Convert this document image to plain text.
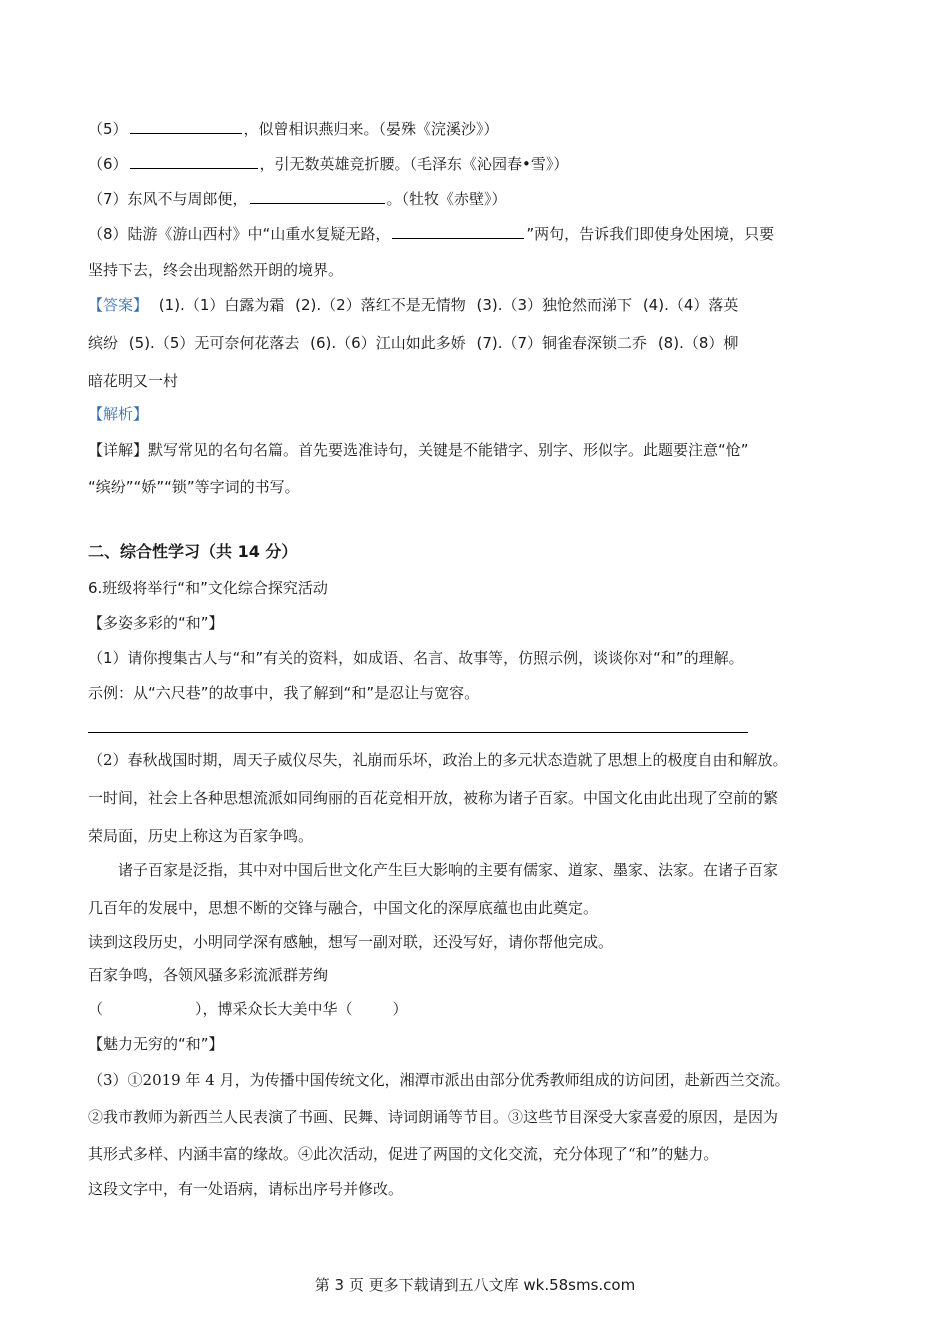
（5）	，似曾相识燕归来。（晏殊《浣溪沙》）
（6）	，引无数英雄竞折腰。（毛泽东《沁园春•雪》）
（7）东风不与周郎便，	。（牡牧《赤壁》）
（8）陆游《游山西村》中“山重水复疑无路，	”两句，告诉我们即使身处困境，只要
坚持下去，终会出现豁然开朗的境界。
【答案】 (1).（1）白露为霜 (2).（2）落红不是无情物 (3).（3）独怆然而涕下 (4).（4）落英
缤纷 (5).（5）无可奈何花落去 (6).（6）江山如此多娇 (7).（7）铜雀春深锁二乔 (8).（8）柳
暗花明又一村
【解析】
【详解】默写常见的名句名篇。首先要选准诗句，关键是不能错字、别字、形似字。此题要注意“怆”
“缤纷”“娇”“锁”等字词的书写。
二、综合性学习（共 14 分）
6.班级将举行“和”文化综合探究活动
【多姿多彩的“和”】
（1）请你搜集古人与“和”有关的资料，如成语、名言、故事等，仿照示例，谈谈你对“和”的理解。
示例：从“六尺巷”的故事中，我了解到“和”是忍让与宽容。
（2）春秋战国时期，周天子威仪尽失，礼崩而乐坏，政治上的多元状态造就了思想上的极度自由和解放。
一时间，社会上各种思想流派如同绚丽的百花竞相开放，被称为诸子百家。中国文化由此出现了空前的繁
荣局面，历史上称这为百家争鸣。
诸子百家是泛指，其中对中国后世文化产生巨大影响的主要有儒家、道家、墨家、法家。在诸子百家
几百年的发展中，思想不断的交锋与融合，中国文化的深厚底蕴也由此奠定。
读到这段历史，小明同学深有感触，想写一副对联，还没写好，请你帮他完成。
百家争鸣，各领风骚多彩流派群芳绚
（	），博采众长大美中华（	）
【魅力无穷的“和”】
（3）①2019 年 4 月，为传播中国传统文化，湘潭市派出由部分优秀教师组成的访问团，赴新西兰交流。
②我市教师为新西兰人民表演了书画、民舞、诗词朗诵等节目。③这些节目深受大家喜爱的原因，是因为
其形式多样、内涵丰富的缘故。④此次活动，促进了两国的文化交流，充分体现了“和”的魅力。
这段文字中，有一处语病，请标出序号并修改。
第 3 页 更多下载请到五八文库 wk.58sms.com
